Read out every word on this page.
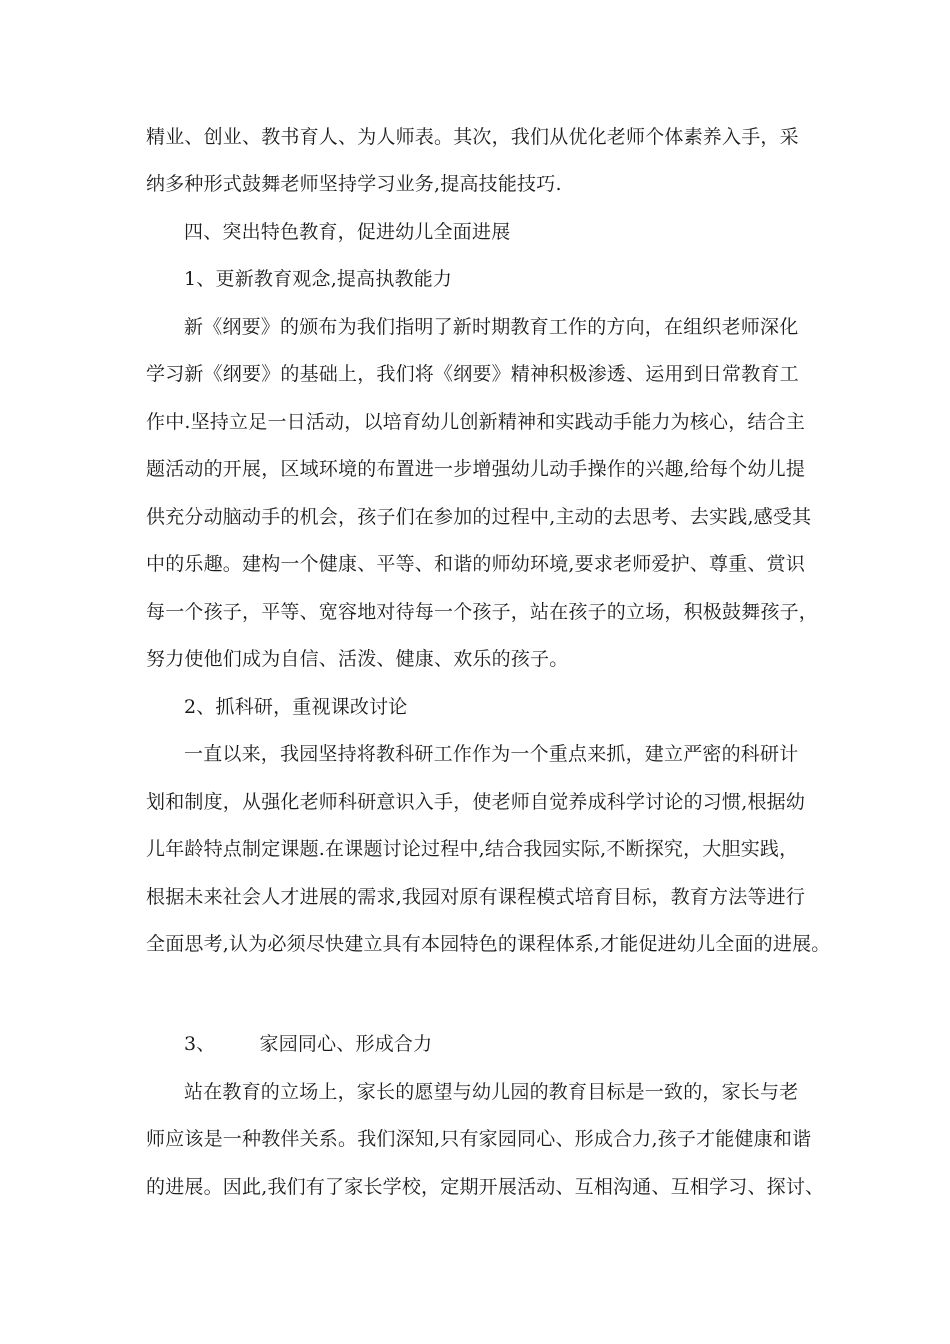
精业、创业、教书育人、为人师表。其次，我们从优化老师个体素养入手，采
纳多种形式鼓舞老师坚持学习业务,提高技能技巧.
四、突出特色教育，促进幼儿全面进展
1、更新教育观念,提高执教能力
新《纲要》的颁布为我们指明了新时期教育工作的方向，在组织老师深化
学习新《纲要》的基础上，我们将《纲要》精神积极渗透、运用到日常教育工
作中.坚持立足一日活动，以培育幼儿创新精神和实践动手能力为核心，结合主
题活动的开展，区域环境的布置进一步增强幼儿动手操作的兴趣,给每个幼儿提
供充分动脑动手的机会，孩子们在参加的过程中,主动的去思考、去实践,感受其
中的乐趣。建构一个健康、平等、和谐的师幼环境,要求老师爱护、尊重、赏识
每一个孩子，平等、宽容地对待每一个孩子，站在孩子的立场，积极鼓舞孩子，
努力使他们成为自信、活泼、健康、欢乐的孩子。
2、抓科研，重视课改讨论
一直以来，我园坚持将教科研工作作为一个重点来抓，建立严密的科研计
划和制度，从强化老师科研意识入手，使老师自觉养成科学讨论的习惯,根据幼
儿年龄特点制定课题.在课题讨论过程中,结合我园实际,不断探究，大胆实践，
根据未来社会人才进展的需求,我园对原有课程模式培育目标，教育方法等进行
全面思考,认为必须尽快建立具有本园特色的课程体系,才能促进幼儿全面的进展。
3、 家园同心、形成合力
站在教育的立场上，家长的愿望与幼儿园的教育目标是一致的，家长与老
师应该是一种教伴关系。我们深知,只有家园同心、形成合力,孩子才能健康和谐
的进展。因此,我们有了家长学校，定期开展活动、互相沟通、互相学习、探讨、
